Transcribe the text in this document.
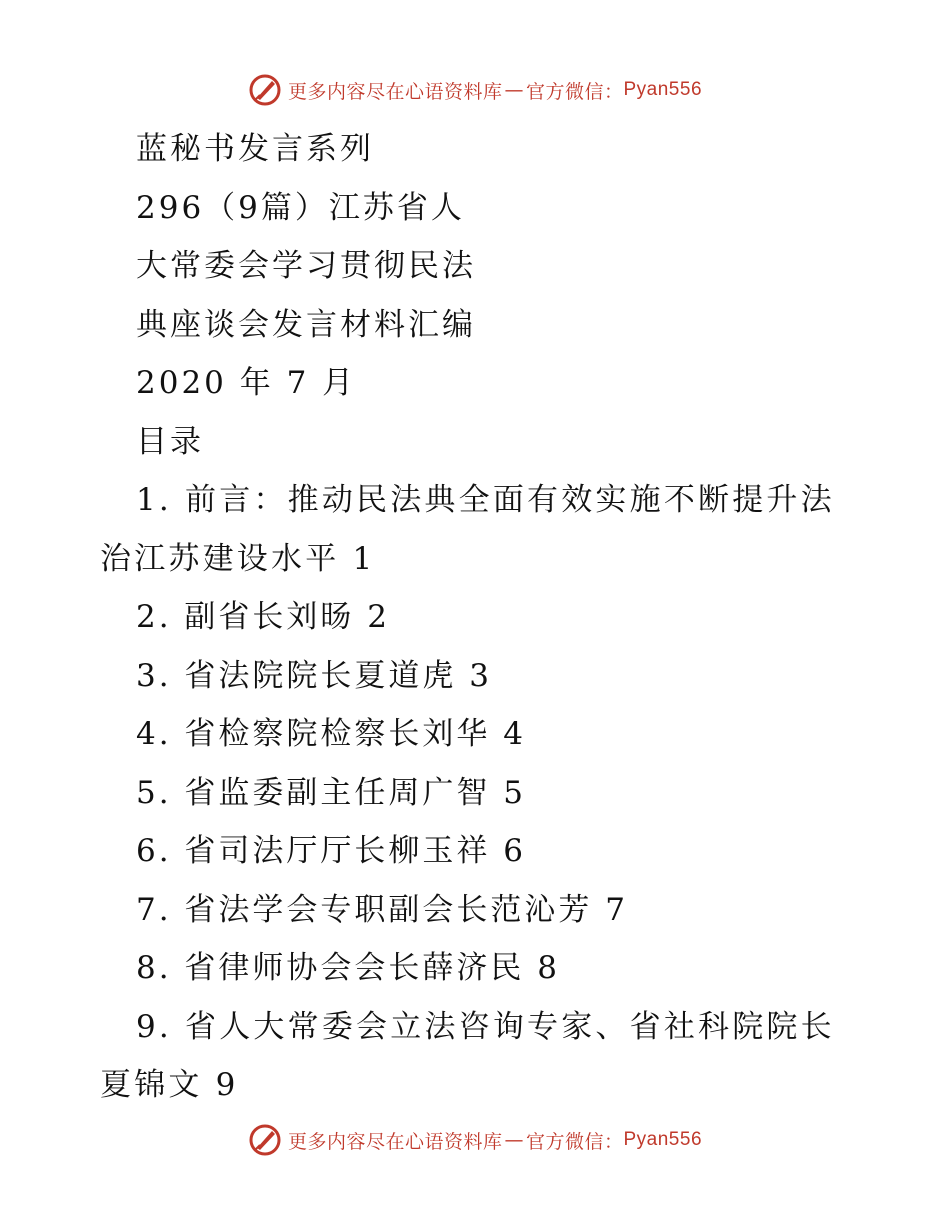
更多内容尽在心语资料库 — 官方微信： Pyan556
蓝秘书发言系列
296（9篇）江苏省人
大常委会学习贯彻民法
典座谈会发言材料汇编
2020 年 7 月
目录
1. 前言：推动民法典全面有效实施不断提升法治江苏建设水平 1
2. 副省长刘旸 2
3. 省法院院长夏道虎 3
4. 省检察院检察长刘华 4
5. 省监委副主任周广智 5
6. 省司法厅厅长柳玉祥 6
7. 省法学会专职副会长范沁芳 7
8. 省律师协会会长薛济民 8
9. 省人大常委会立法咨询专家、省社科院院长夏锦文 9
更多内容尽在心语资料库 — 官方微信： Pyan556
